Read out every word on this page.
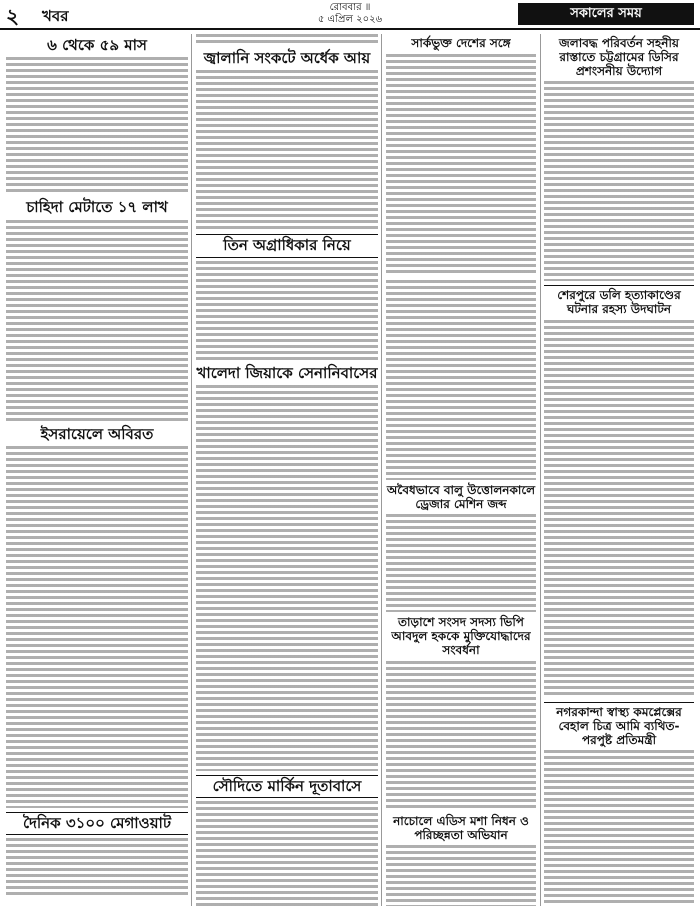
২ খবর	রোববার ॥
৫ এপ্রিল ২০২৬	সকালের সময়
৬ থেকে ৫৯ মাস
চাহিদা মেটাতে ১৭ লাখ
ইসরায়েলে অবিরত
দৈনিক ৩১০০ মেগাওয়াট
জ্বালানি সংকটে অর্ধেক আয়
তিন অগ্রাধিকার নিয়ে
খালেদা জিয়াকে সেনানিবাসের
সৌদিতে মার্কিন দূতাবাসে
সার্কভুক্ত দেশের সঙ্গে
অবৈধভাবে বালু উত্তোলনকালে ড্রেজার মেশিন জব্দ
তাড়াশে সংসদ সদস্য ভিপি আবদুল হককে মুক্তিযোদ্ধাদের সংবর্ধনা
নাচোলে এডিস মশা নিধন ও পরিচ্ছন্নতা অভিযান
জলাবদ্ধ পরিবর্তন সহনীয় রাস্তাতে চট্টগ্রামের ডিসির প্রশংসনীয় উদ্যোগ
শেরপুরে ডলি হত্যাকাণ্ডের ঘটনার রহস্য উদঘাটন
নগরকান্দা স্বাস্থ্য কমপ্লেক্সের বেহাল চিত্র আমি ব্যথিত-পরপুষ্ট প্রতিমন্ত্রী
